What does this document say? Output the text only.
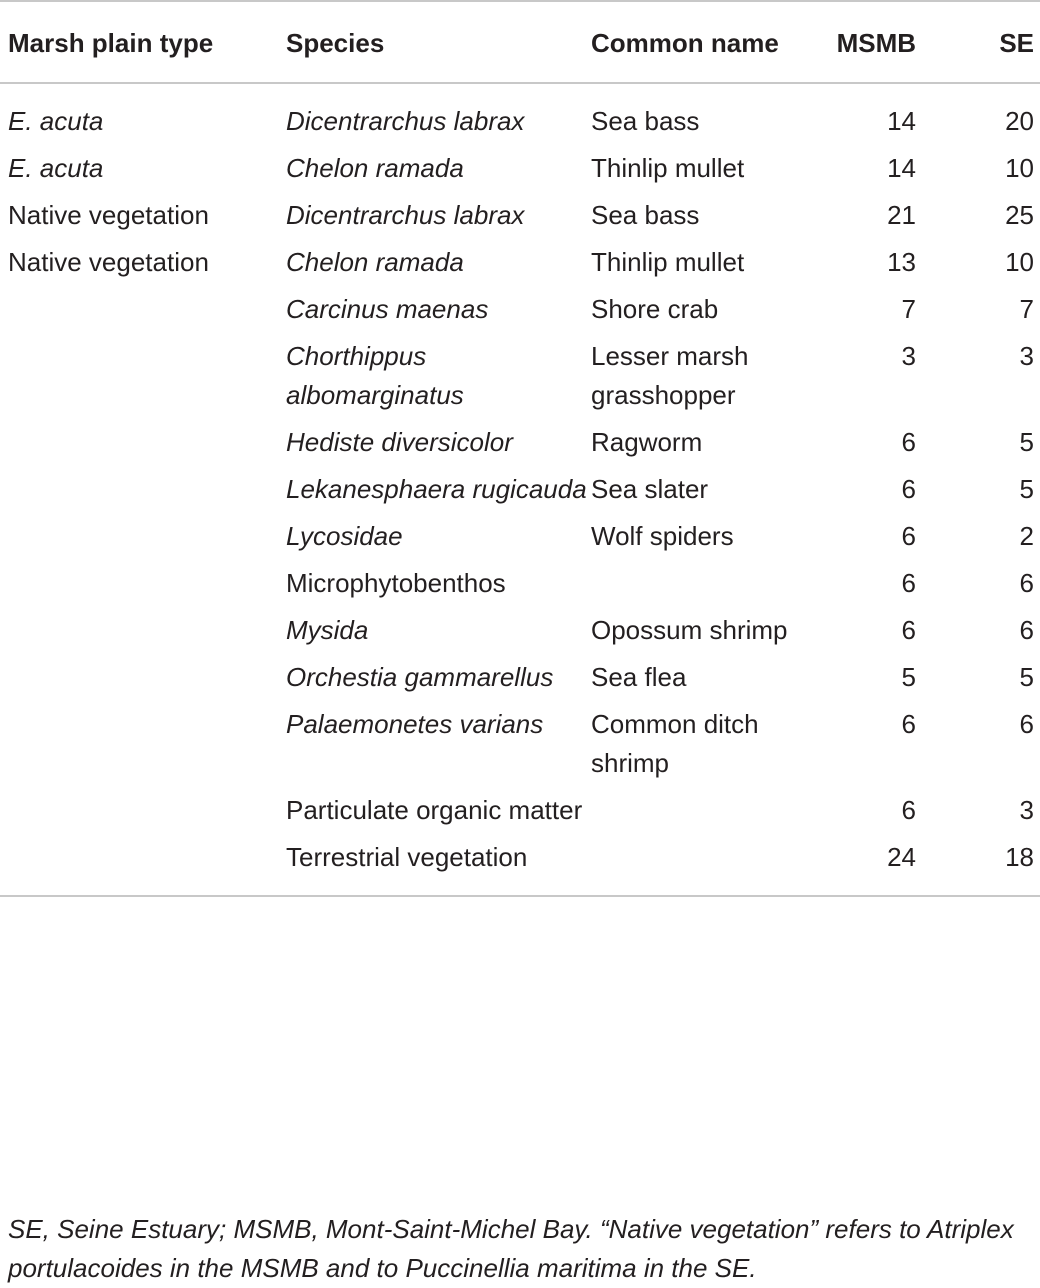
Marsh plain type	Species	Common name	MSMB	SE
E. acuta	Dicentrarchus labrax	Sea bass	14	20
E. acuta	Chelon ramada	Thinlip mullet	14	10
Native vegetation	Dicentrarchus labrax	Sea bass	21	25
Native vegetation	Chelon ramada	Thinlip mullet	13	10
	Carcinus maenas	Shore crab	7	7
	Chorthippus albomarginatus	Lesser marsh grasshopper	3	3
	Hediste diversicolor	Ragworm	6	5
	Lekanesphaera rugicauda	Sea slater	6	5
	Lycosidae	Wolf spiders	6	2
	Microphytobenthos		6	6
	Mysida	Opossum shrimp	6	6
	Orchestia gammarellus	Sea flea	5	5
	Palaemonetes varians	Common ditch shrimp	6	6
	Particulate organic matter		6	3
	Terrestrial vegetation		24	18
SE, Seine Estuary; MSMB, Mont-Saint-Michel Bay. “Native vegetation” refers to Atriplex portulacoides in the MSMB and to Puccinellia maritima in the SE.
